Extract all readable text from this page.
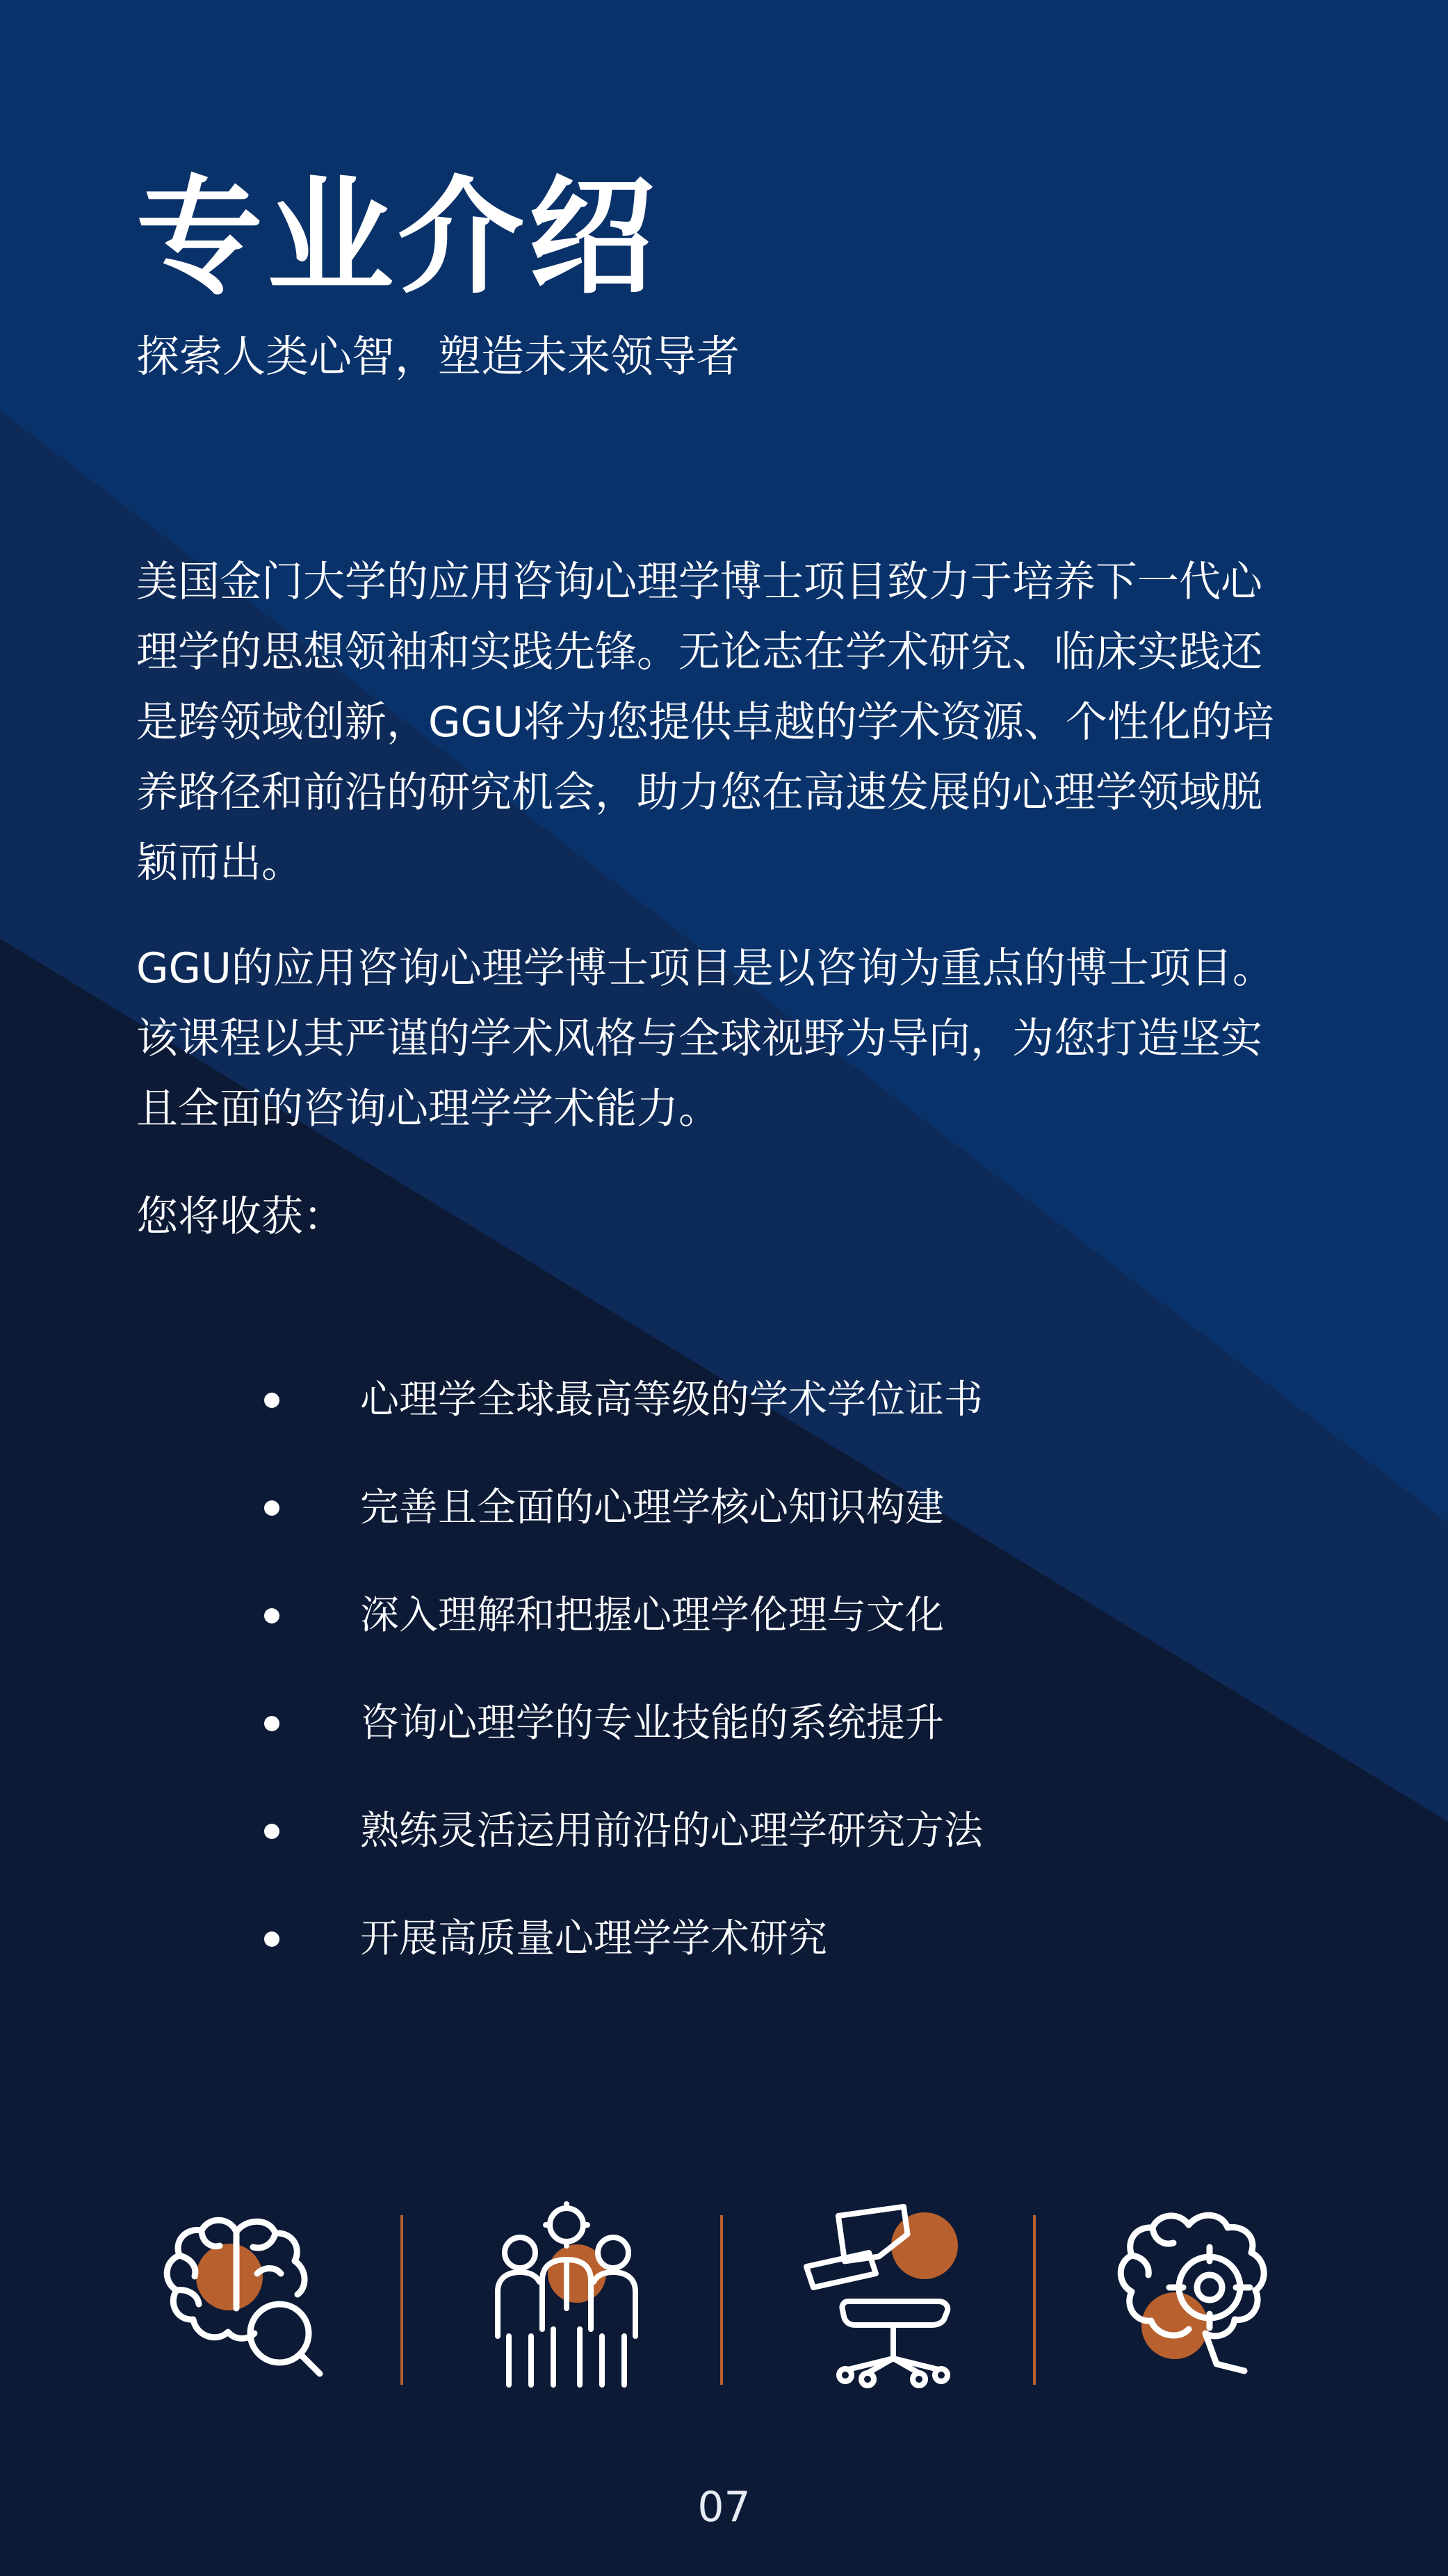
专业介绍

探索人类心智，塑造未来领导者

美国金门大学的应用咨询心理学博士项目致力于培养下一代心理学的思想领袖和实践先锋。无论志在学术研究、临床实践还是跨领域创新，GGU将为您提供卓越的学术资源、个性化的培养路径和前沿的研究机会，助力您在高速发展的心理学领域脱颖而出。

GGU的应用咨询心理学博士项目是以咨询为重点的博士项目。该课程以其严谨的学术风格与全球视野为导向，为您打造坚实且全面的咨询心理学学术能力。

您将收获：

心理学全球最高等级的学术学位证书
完善且全面的心理学核心知识构建
深入理解和把握心理学伦理与文化
咨询心理学的专业技能的系统提升
熟练灵活运用前沿的心理学研究方法
开展高质量心理学学术研究
07
